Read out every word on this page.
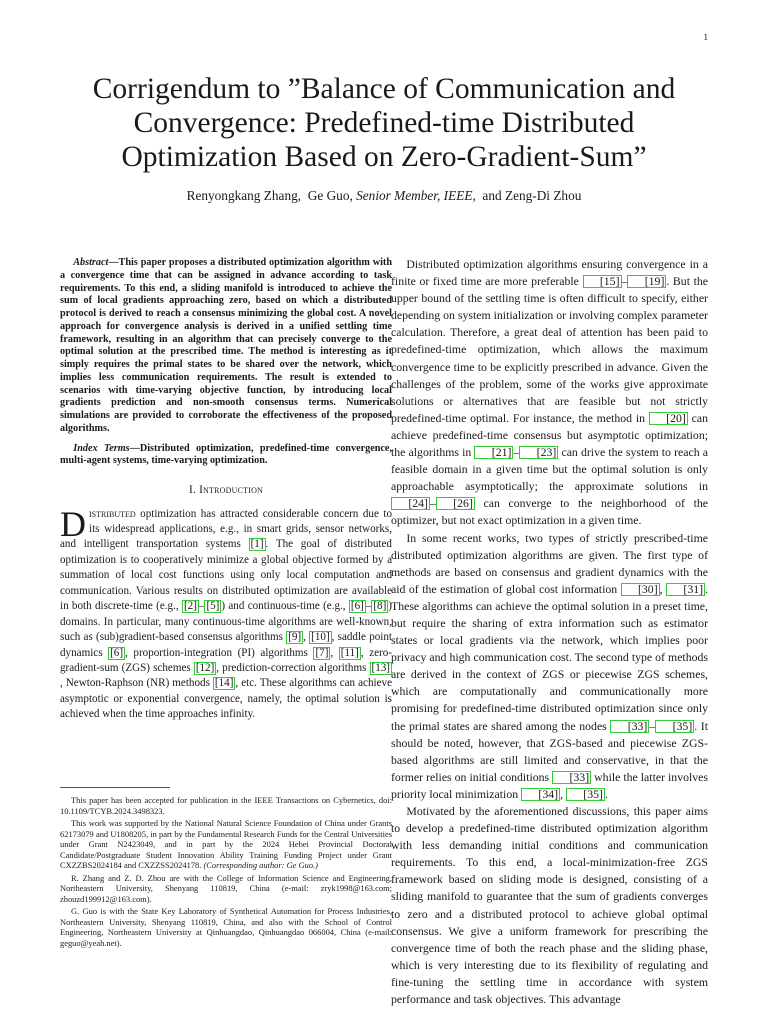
1
Corrigendum to ”Balance of Communication and
Convergence: Predefined-time Distributed
Optimization Based on Zero-Gradient-Sum”
Renyongkang Zhang, Ge Guo, Senior Member, IEEE, and Zeng-Di Zhou

Abstract—This paper proposes a distributed optimization algorithm with a convergence time that can be assigned in advance according to task requirements. To this end, a sliding manifold is introduced to achieve the sum of local gradients approaching zero, based on which a distributed protocol is derived to reach a consensus minimizing the global cost. A novel approach for convergence analysis is derived in a unified settling time framework, resulting in an algorithm that can precisely converge to the optimal solution at the prescribed time. The method is interesting as it simply requires the primal states to be shared over the network, which implies less communication requirements. The result is extended to scenarios with time-varying objective function, by introducing local gradients prediction and non-smooth consensus terms. Numerical simulations are provided to corroborate the effectiveness of the proposed algorithms.

Index Terms—Distributed optimization, predefined-time convergence, multi-agent systems, time-varying optimization.

I. Introduction

Distributed optimization has attracted considerable concern due to its widespread applications, e.g., in smart grids, sensor networks, and intelligent transportation systems [1] . The goal of distributed optimization is to cooperatively minimize a global objective formed by a summation of local cost functions using only local computation and communication. Various results on distributed optimization are available in both discrete-time (e.g., [2] – [5] ) and continuous-time (e.g., [6] – [8] ) domains. In particular, many continuous-time algorithms are well-known, such as (sub)gradient-based consensus algorithms [9] , [10] , saddle point dynamics [6] , proportion-integration (PI) algorithms [7] , [11] , zero-gradient-sum (ZGS) schemes [12] , prediction-correction algorithms [13], Newton-Raphson (NR) methods [14] , etc. These algorithms can achieve asymptotic or exponential convergence, namely, the optimal solution is achieved when the time approaches infinity.

This paper has been accepted for publication in the IEEE Transactions on Cybernetics, doi: 10.1109/TCYB.2024.3498323.

This work was supported by the National Natural Science Foundation of China under Grants 62173079 and U1808205, in part by the Fundamental Research Funds for the Central Universities under Grant N2423049, and in part by the 2024 Hebei Provincial Doctoral Candidate/Postgraduate Student Innovation Ability Training Funding Project under Grant CXZZBS2024184 and CXZZSS2024178. (Corresponding author: Ge Guo.)

R. Zhang and Z. D. Zhou are with the College of Information Science and Engineering, Northeastern University, Shenyang 110819, China (e-mail: zryk1998@163.com; zhouzd199912@163.com).

G. Guo is with the State Key Laboratory of Synthetical Automation for Process Industries, Northeastern University, Shenyang 110819, China, and also with the School of Control Engineering, Northeastern University at Qinhuangdao, Qinhuangdao 066004, China (e-mail: geguo@yeah.net).

Distributed optimization algorithms ensuring convergence in a finite or fixed time are more preferable [15] – [19] . But the upper bound of the settling time is often difficult to specify, either depending on system initialization or involving complex parameter calculation. Therefore, a great deal of attention has been paid to predefined-time optimization, which allows the maximum convergence time to be explicitly prescribed in advance. Given the challenges of the problem, some of the works give approximate solutions or alternatives that are feasible but not strictly predefined-time optimal. For instance, the method in [20] can achieve predefined-time consensus but asymptotic optimization; the algorithms in [21] – [23] can drive the system to reach a feasible domain in a given time but the optimal solution is only approachable asymptotically; the approximate solutions in [24] – [26] can converge to the neighborhood of the optimizer, but not exact optimization in a given time.

In some recent works, two types of strictly prescribed-time distributed optimization algorithms are given. The first type of methods are based on consensus and gradient dynamics with the aid of the estimation of global cost information [30] , [31] . These algorithms can achieve the optimal solution in a preset time, but require the sharing of extra information such as estimator states or local gradients via the network, which implies poor privacy and high communication cost. The second type of methods are derived in the context of ZGS or piecewise ZGS schemes, which are computationally and communicationally more promising for predefined-time distributed optimization since only the primal states are shared among the nodes [33] – [35] . It should be noted, however, that ZGS-based and piecewise ZGS-based algorithms are still limited and conservative, in that the former relies on initial conditions [33] while the latter involves priority local minimization [34] , [35] .

Motivated by the aforementioned discussions, this paper aims to develop a predefined-time distributed optimization algorithm with less demanding initial conditions and communication requirements. To this end, a local-minimization-free ZGS framework based on sliding mode is designed, consisting of a sliding manifold to guarantee that the sum of gradients converges to zero and a distributed protocol to achieve global optimal consensus. We give a uniform framework for prescribing the convergence time of both the reach phase and the sliding phase, which is very interesting due to its flexibility of regulating and fine-tuning the settling time in accordance with system performance and task objectives. This advantage
